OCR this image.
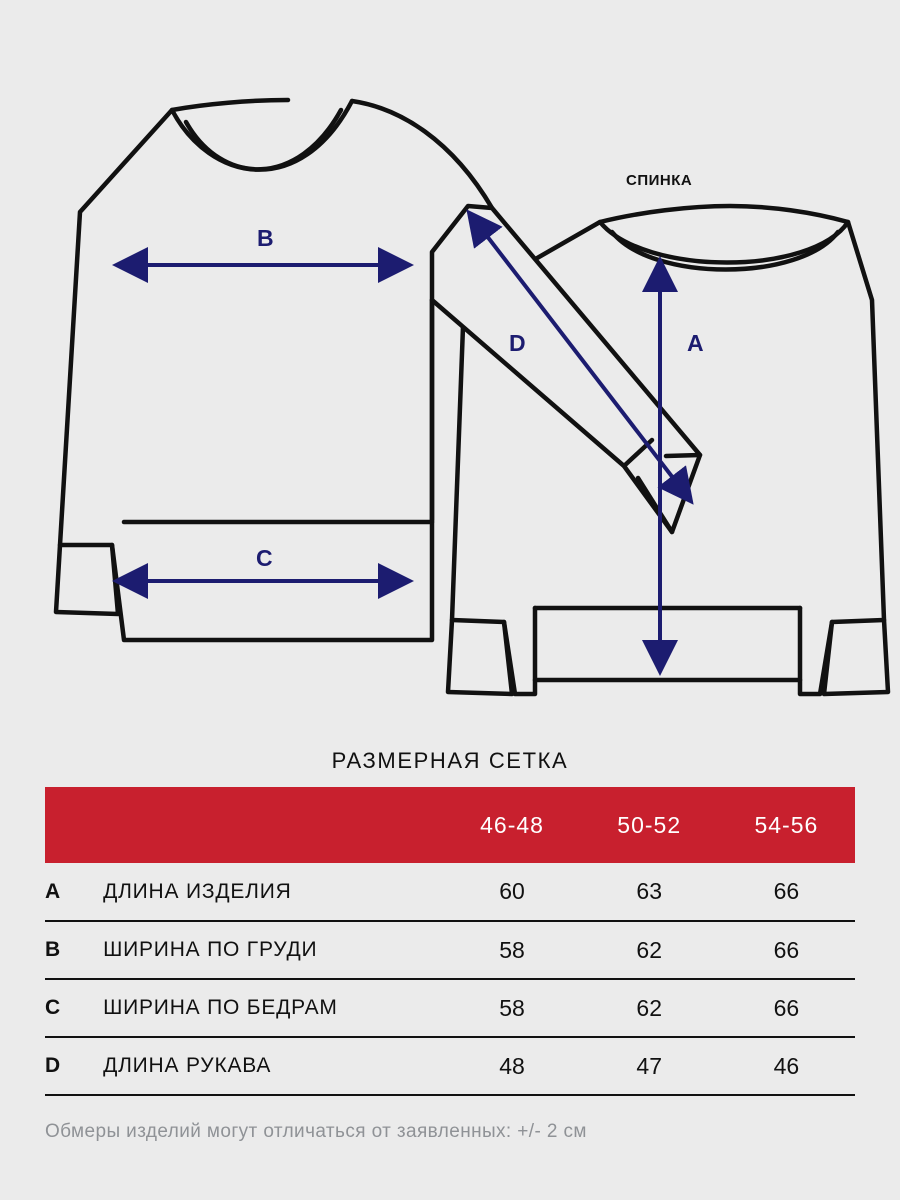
СПИНКА
B
C
D	A
РАЗМЕРНАЯ СЕТКА
		46-48	50-52	54-56
A	ДЛИНА ИЗДЕЛИЯ	60	63	66
B	ШИРИНА ПО ГРУДИ	58	62	66
C	ШИРИНА ПО БЕДРАМ	58	62	66
D	ДЛИНА РУКАВА	48	47	46
Обмеры изделий могут отличаться от заявленных: +/- 2 см
